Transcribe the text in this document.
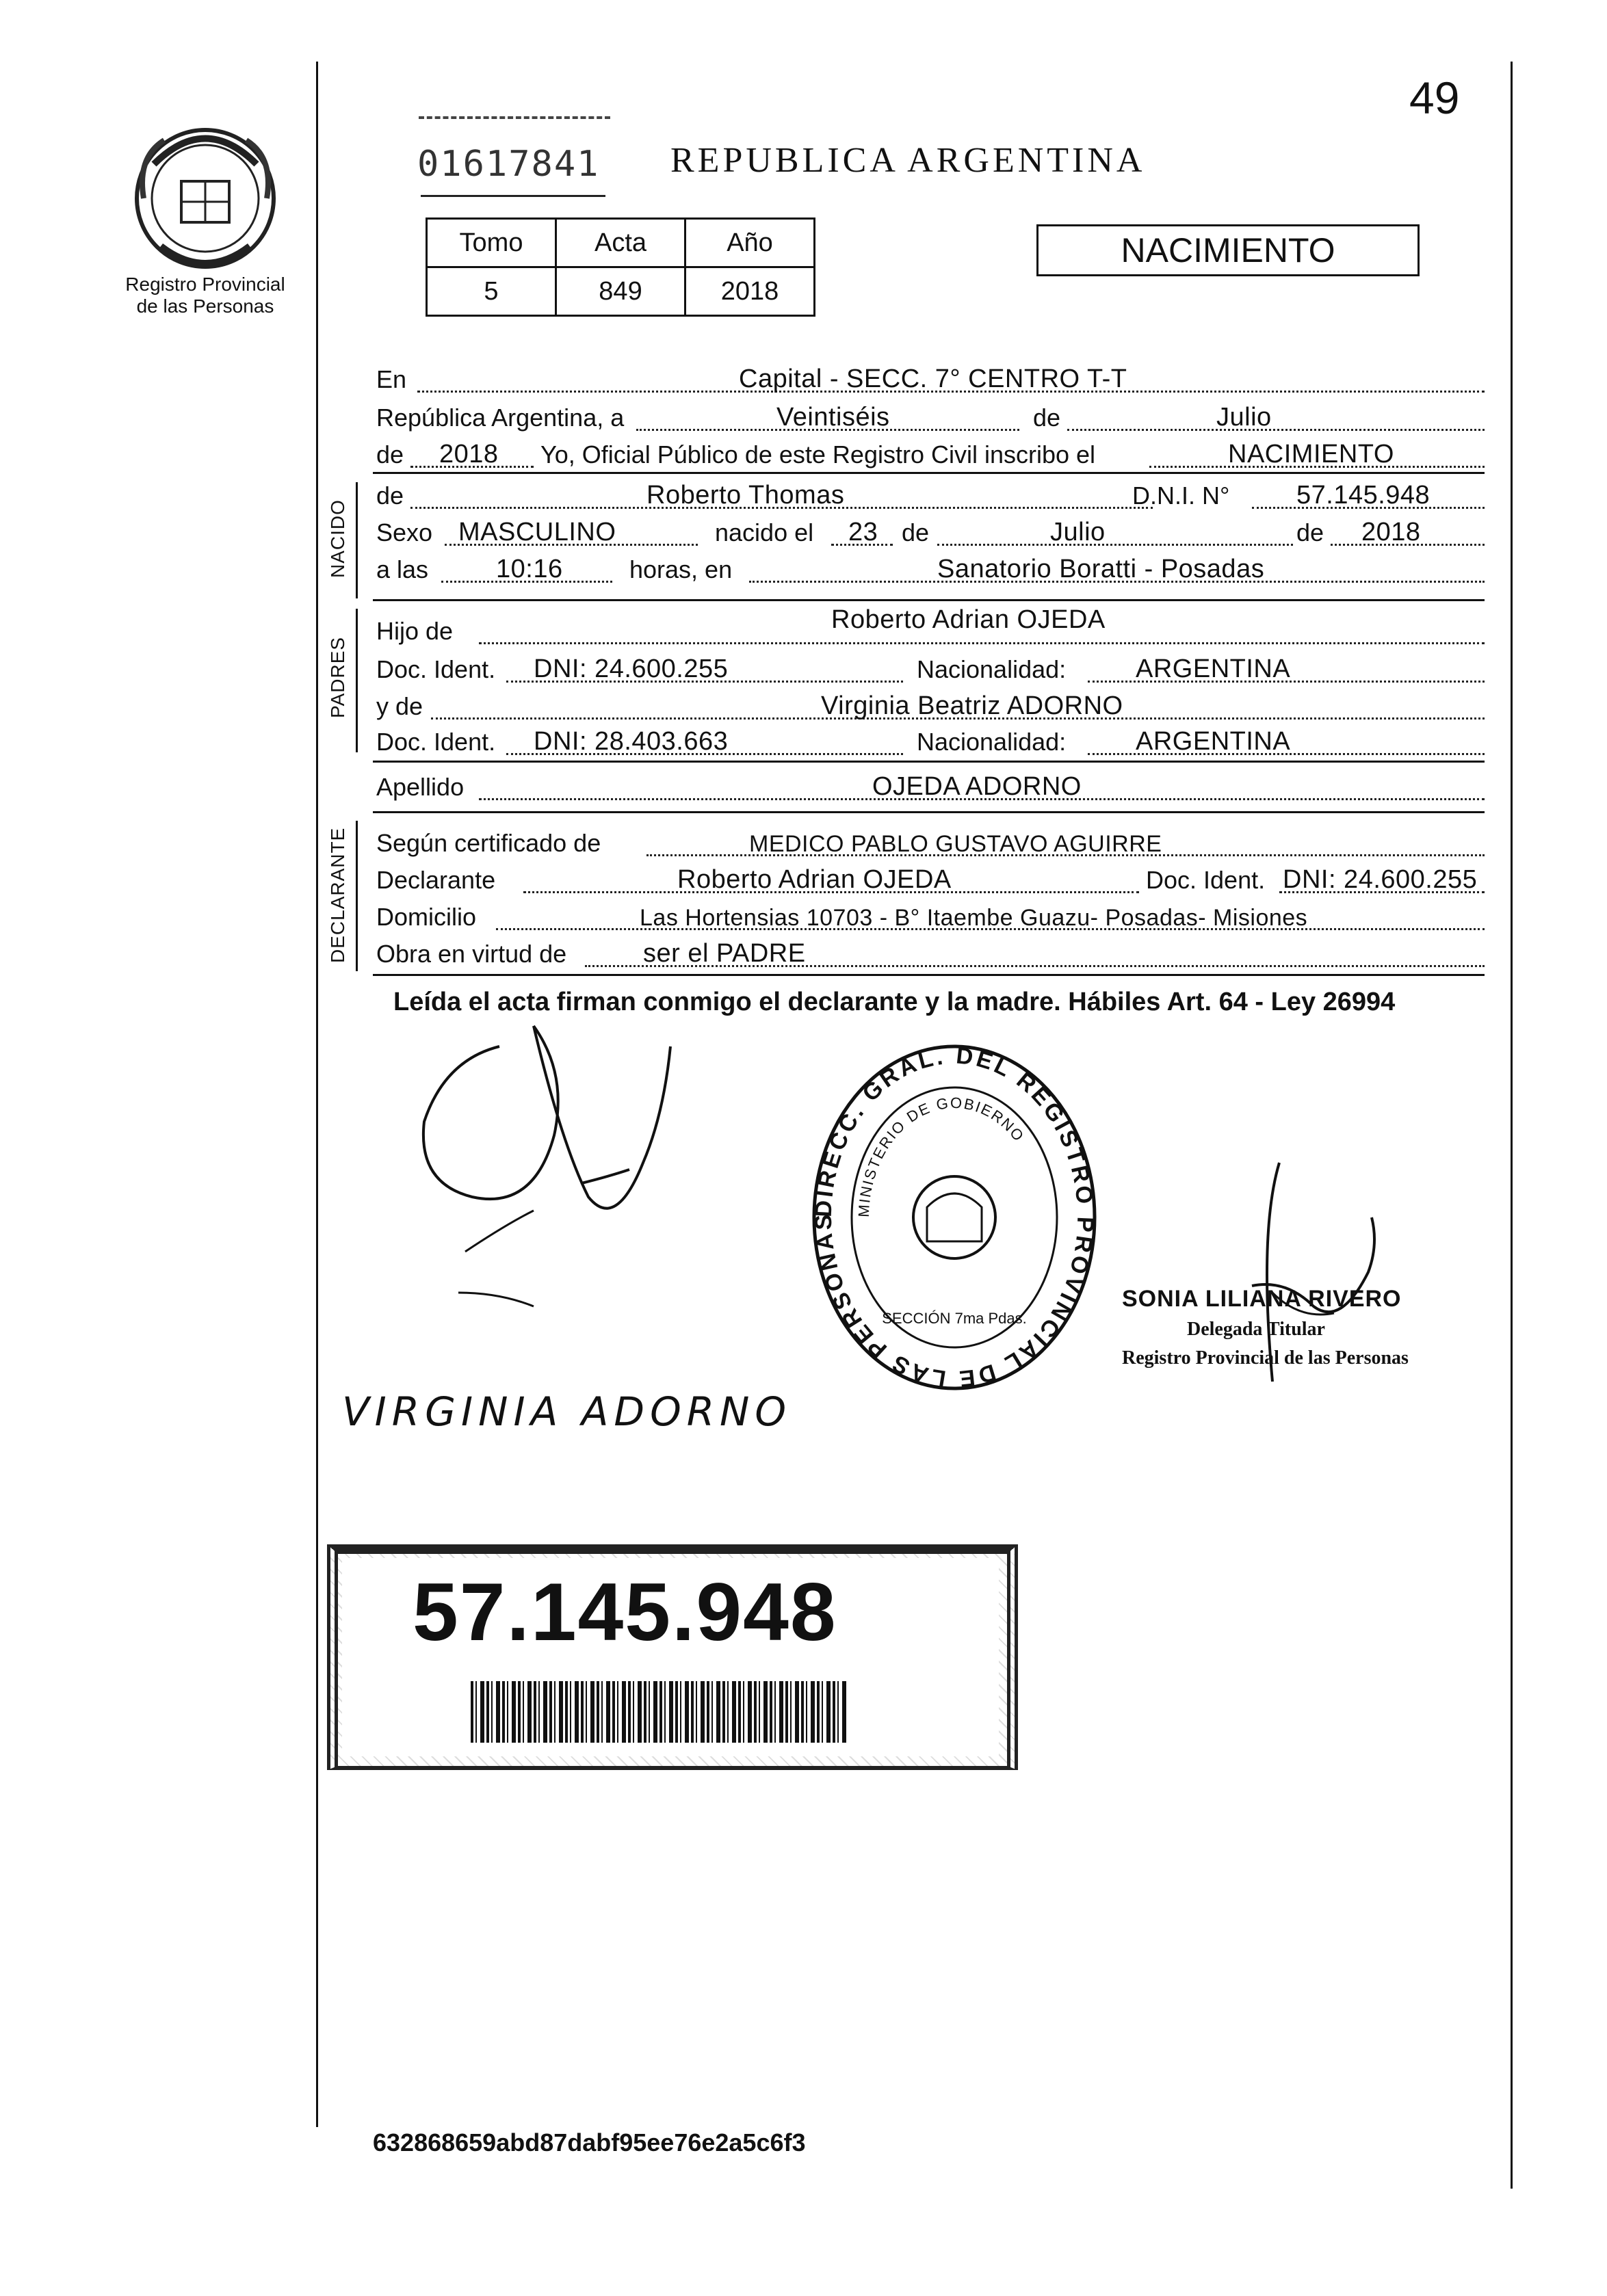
49
Registro Provincial
de las Personas
01617841 REPUBLICA ARGENTINA
Tomo	Acta	Año
5	849	2018
NACIMIENTO
En	Capital - SECC. 7° CENTRO T-T
República Argentina, a	Veintiséis	de	Julio
de 2018 Yo, Oficial Público de este Registro Civil inscribo el	NACIMIENTO
NACIDO
de	Roberto Thomas	D.N.I. N°	57.145.948
Sexo MASCULINO	nacido el 23 de	Julio	de 2018
a las	10:16	horas, en	Sanatorio Boratti - Posadas
PADRES
Hijo de	Roberto Adrian OJEDA
Doc. Ident. DNI: 24.600.255	Nacionalidad:	ARGENTINA
y de	Virginia Beatriz ADORNO
Doc. Ident. DNI: 28.403.663	Nacionalidad:	ARGENTINA
Apellido	OJEDA ADORNO
DECLARANTE Según certificado de	MEDICO PABLO GUSTAVO AGUIRRE
Declarante	Roberto Adrian OJEDA	Doc. Ident. DNI: 24.600.255
Domicilio	Las Hortensias 10703 - B° Itaembe Guazu- Posadas- Misiones
Obra en virtud de	ser el PADRE
Leída el acta firman conmigo el declarante y la madre. Hábiles Art. 64 - Ley 26994
DIRECC. GRAL. DEL REGISTRO PROVINCIAL DE LAS PERSONAS
MINISTERIO DE GOBIERNO
SECCIÓN 7ma Pdas.
SONIA LILIANA RIVERO
Delegada Titular
Registro Provincial de las Personas
VIRGINIA ADORNO
57.145.948
632868659abd87dabf95ee76e2a5c6f3
